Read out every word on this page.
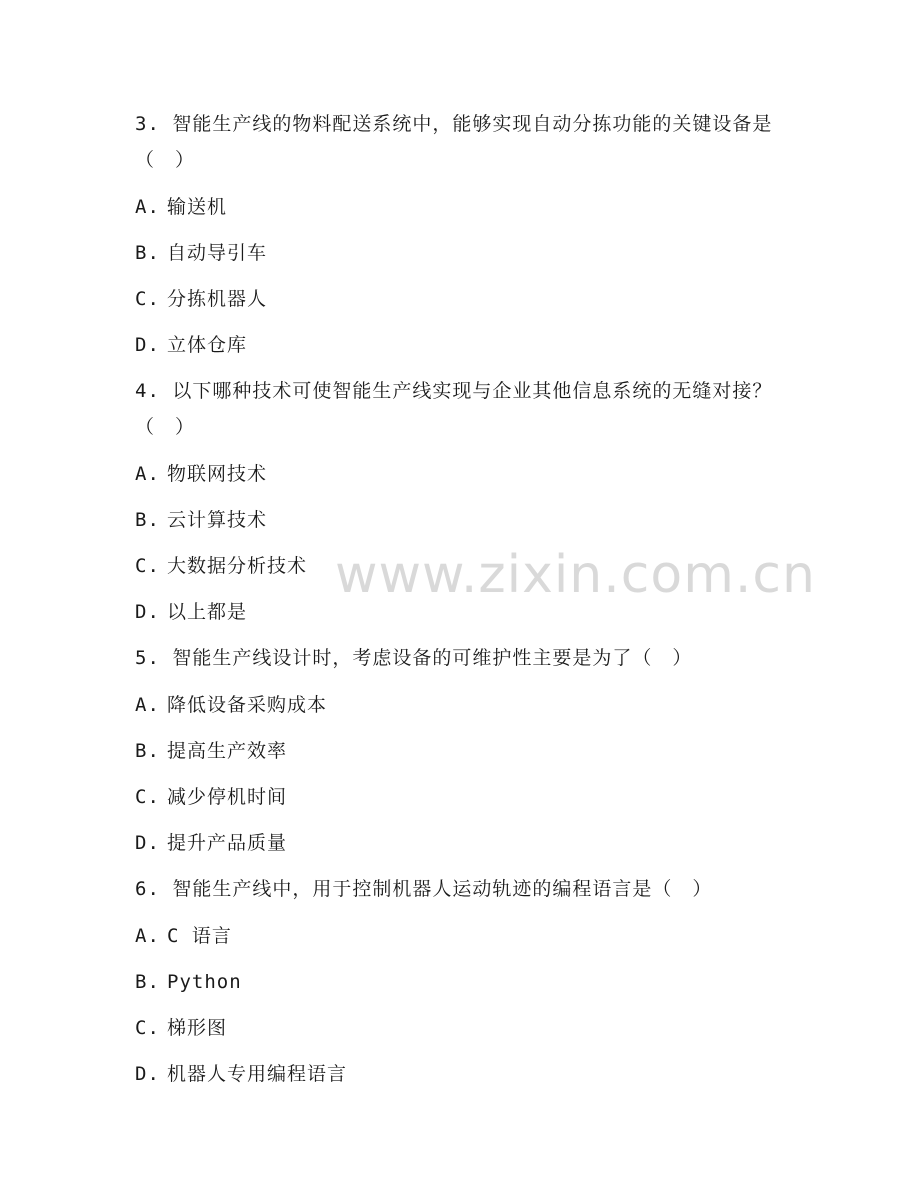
3. 智能生产线的物料配送系统中，能够实现自动分拣功能的关键设备是（　）
A. 输送机
B. 自动导引车
C. 分拣机器人
D. 立体仓库
4. 以下哪种技术可使智能生产线实现与企业其他信息系统的无缝对接？（　）
A. 物联网技术
B. 云计算技术
C. 大数据分析技术
D. 以上都是
5. 智能生产线设计时，考虑设备的可维护性主要是为了（　）
A. 降低设备采购成本
B. 提高生产效率
C. 减少停机时间
D. 提升产品质量
6. 智能生产线中，用于控制机器人运动轨迹的编程语言是（　）
A. C 语言
B. Python
C. 梯形图
D. 机器人专用编程语言
www.zixin.com.cn
